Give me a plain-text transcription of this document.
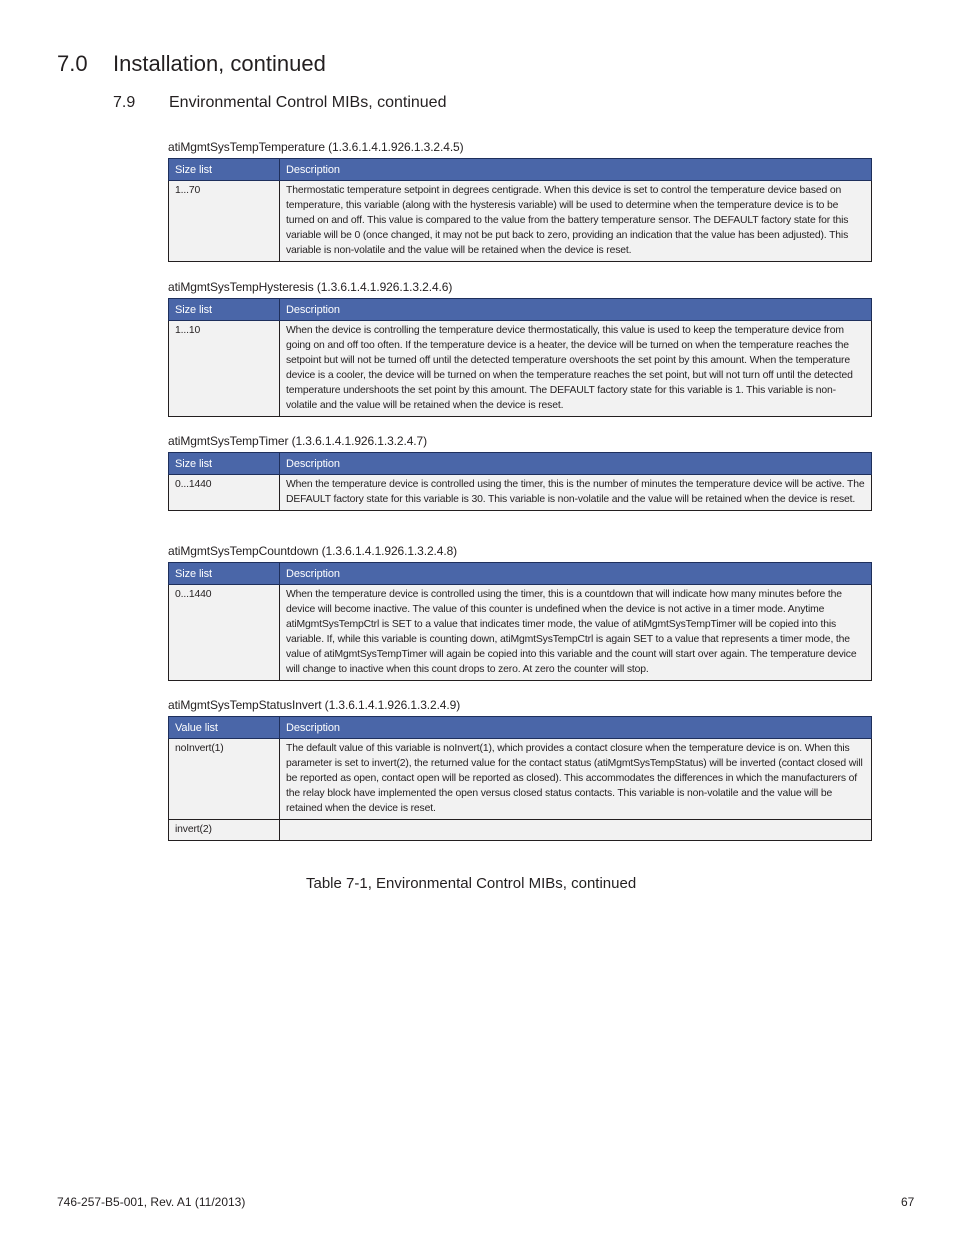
7.0 Installation, continued
7.9 Environmental Control MIBs, continued
atiMgmtSysTempTemperature (1.3.6.1.4.1.926.1.3.2.4.5)
Size list	Description
1...70	Thermostatic temperature setpoint in degrees centigrade. When this device is set to control the temperature device based on temperature, this variable (along with the hysteresis variable) will be used to determine when the temperature device is to be turned on and off. This value is compared to the value from the battery temperature sensor. The DEFAULT factory state for this variable will be 0 (once changed, it may not be put back to zero, providing an indication that the value has been adjusted). This variable is non-volatile and the value will be retained when the device is reset.
atiMgmtSysTempHysteresis (1.3.6.1.4.1.926.1.3.2.4.6)
Size list	Description
1...10	When the device is controlling the temperature device thermostatically, this value is used to keep the temperature device from going on and off too often. If the temperature device is a heater, the device will be turned on when the temperature reaches the setpoint but will not be turned off until the detected temperature overshoots the set point by this amount. When the temperature device is a cooler, the device will be turned on when the temperature reaches the set point, but will not turn off until the detected temperature undershoots the set point by this amount. The DEFAULT factory state for this variable is 1. This variable is non-volatile and the value will be retained when the device is reset.
atiMgmtSysTempTimer (1.3.6.1.4.1.926.1.3.2.4.7)
Size list	Description
0...1440	When the temperature device is controlled using the timer, this is the number of minutes the temperature device will be active. The DEFAULT factory state for this variable is 30. This variable is non-volatile and the value will be retained when the device is reset.
atiMgmtSysTempCountdown (1.3.6.1.4.1.926.1.3.2.4.8)
Size list	Description
0...1440	When the temperature device is controlled using the timer, this is a countdown that will indicate how many minutes before the device will become inactive. The value of this counter is undefined when the device is not active in a timer mode. Anytime atiMgmtSysTempCtrl is SET to a value that indicates timer mode, the value of atiMgmtSysTempTimer will be copied into this variable. If, while this variable is counting down, atiMgmtSysTempCtrl is again SET to a value that represents a timer mode, the value of atiMgmtSysTempTimer will again be copied into this variable and the count will start over again. The temperature device will change to inactive when this count drops to zero. At zero the counter will stop.
atiMgmtSysTempStatusInvert (1.3.6.1.4.1.926.1.3.2.4.9)
Value list	Description
noInvert(1)	The default value of this variable is noInvert(1), which provides a contact closure when the temperature device is on. When this parameter is set to invert(2), the returned value for the contact status (atiMgmtSysTempStatus) will be inverted (contact closed will be reported as open, contact open will be reported as closed). This accommodates the differences in which the manufacturers of the relay block have implemented the open versus closed status contacts. This variable is non-volatile and the value will be retained when the device is reset.
invert(2)	
Table 7-1, Environmental Control MIBs, continued
746-257-B5-001, Rev. A1 (11/2013)	67
